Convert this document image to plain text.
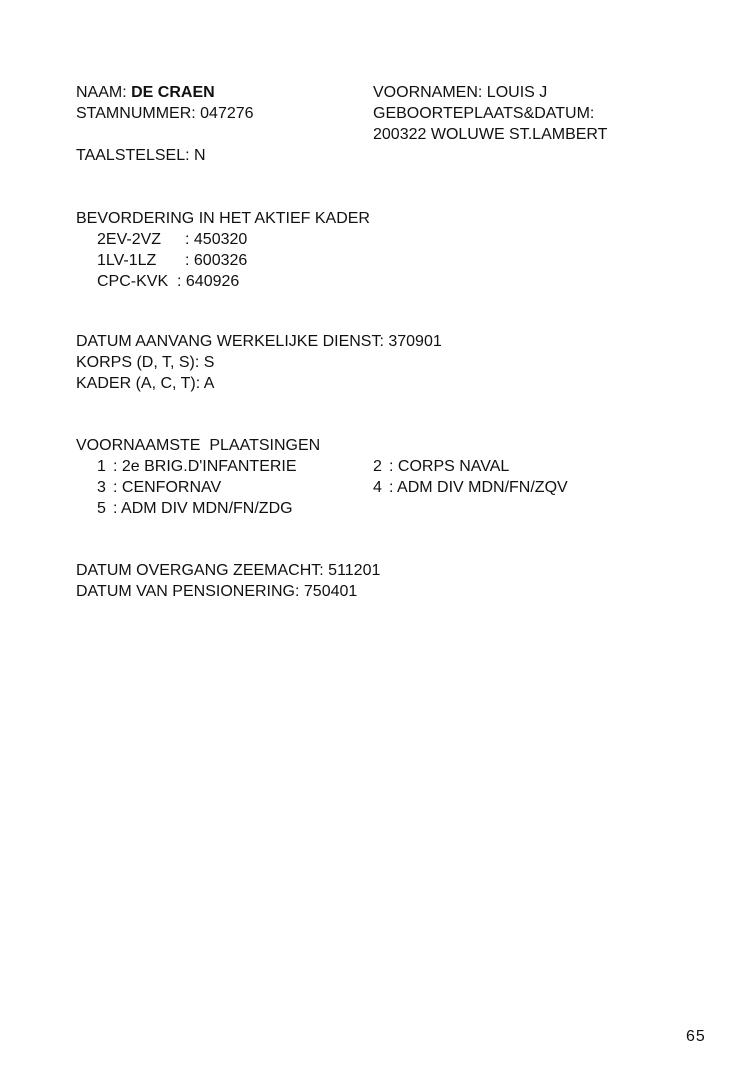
NAAM: DE CRAEN
STAMNUMMER: 047276
VOORNAMEN: LOUIS J
GEBOORTEPLAATS&DATUM:
200322 WOLUWE ST.LAMBERT
TAALSTELSEL: N
BEVORDERING IN HET AKTIEF KADER
2EV-2VZ : 450320
1LV-1LZ : 600326
CPC-KVK : 640926
DATUM AANVANG WERKELIJKE DIENST: 370901
KORPS (D, T, S): S
KADER (A, C, T): A
VOORNAAMSTE  PLAATSINGEN
1 : 2e BRIG.D'INFANTERIE	2 : CORPS NAVAL
3 : CENFORNAV	4 : ADM DIV MDN/FN/ZQV
5 : ADM DIV MDN/FN/ZDG
DATUM OVERGANG ZEEMACHT: 511201
DATUM VAN PENSIONERING: 750401
65
